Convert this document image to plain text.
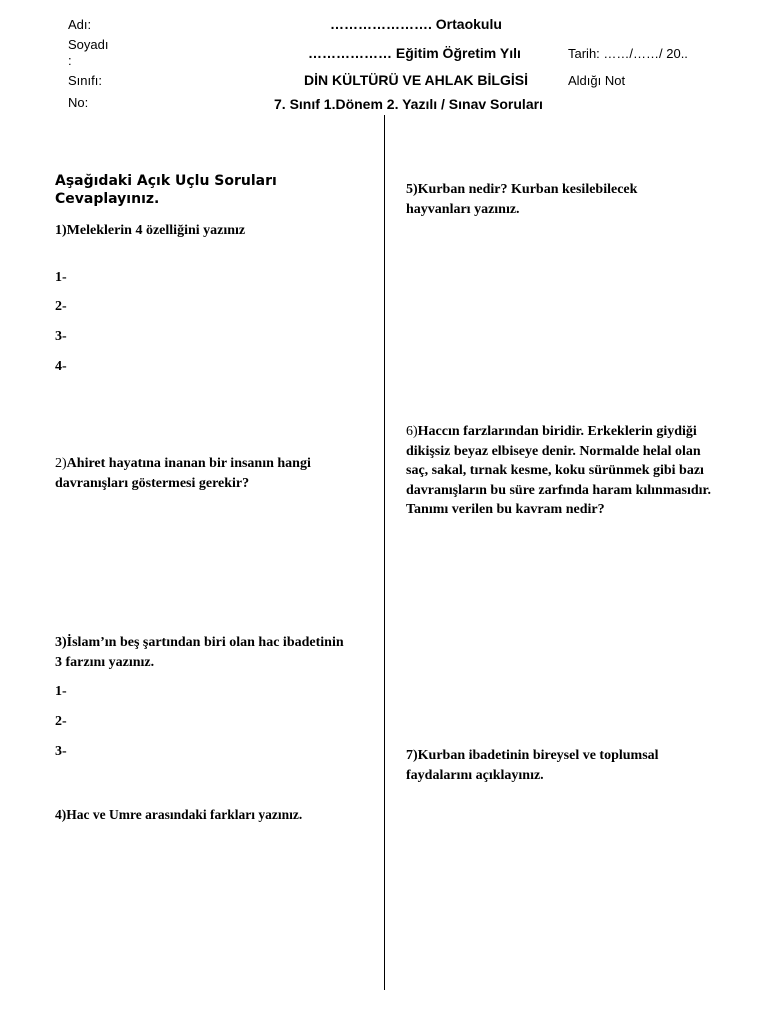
Adı:
Soyadı
:
Sınıfı:
No:
…………………. Ortaokulu
……………… Eğitim Öğretim Yılı
DİN KÜLTÜRÜ VE AHLAK BİLGİSİ
7. Sınıf 1.Dönem 2. Yazılı / Sınav Soruları
Tarih: ……/……/ 20..
Aldığı Not
Aşağıdaki Açık Uçlu Soruları Cevaplayınız.
1)Meleklerin 4 özelliğini yazınız
1-
2-
3-
4-
2)Ahiret hayatına inanan bir insanın hangi davranışları göstermesi gerekir?
3)İslam’ın beş şartından biri olan hac ibadetinin 3 farzını yazınız.
1-
2-
3-
4)Hac ve Umre arasındaki farkları yazınız.
5)Kurban nedir? Kurban kesilebilecek hayvanları yazınız.
6)Haccın farzlarından biridir. Erkeklerin giydiği dikişsiz beyaz elbiseye denir. Normalde helal olan saç, sakal, tırnak kesme, koku sürünmek gibi bazı davranışların bu süre zarfında haram kılınmasıdır. Tanımı verilen bu kavram nedir?
7)Kurban ibadetinin bireysel ve toplumsal faydalarını açıklayınız.
